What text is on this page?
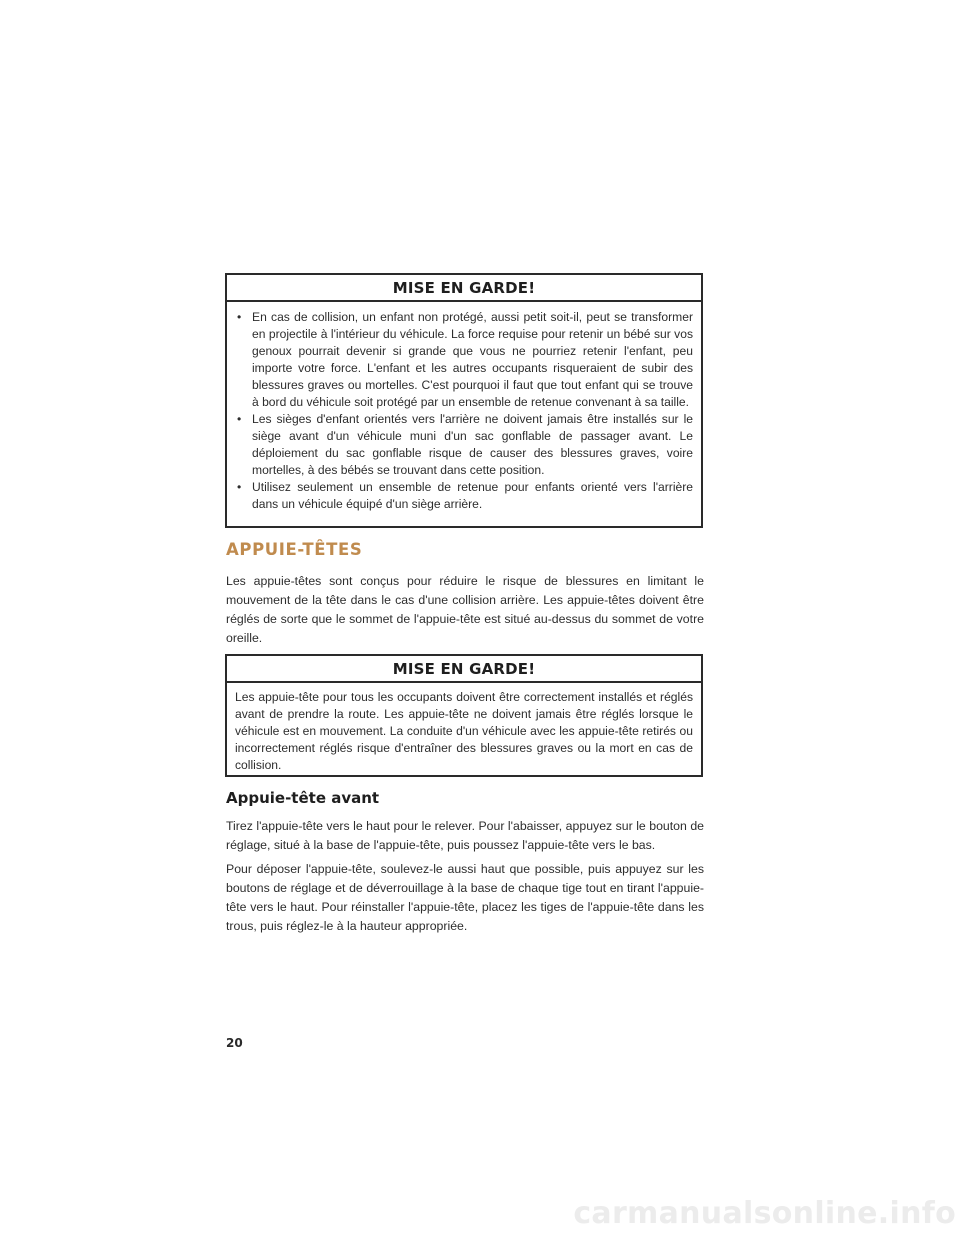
MISE EN GARDE!
• En cas de collision, un enfant non protégé, aussi petit soit-il, peut se transformer en projectile à l'intérieur du véhicule. La force requise pour retenir un bébé sur vos genoux pourrait devenir si grande que vous ne pourriez retenir l'enfant, peu importe votre force. L'enfant et les autres occupants risqueraient de subir des blessures graves ou mortelles. C'est pourquoi il faut que tout enfant qui se trouve à bord du véhicule soit protégé par un ensemble de retenue convenant à sa taille.
• Les sièges d'enfant orientés vers l'arrière ne doivent jamais être installés sur le siège avant d'un véhicule muni d'un sac gonflable de passager avant. Le déploiement du sac gonflable risque de causer des blessures graves, voire mortelles, à des bébés se trouvant dans cette position.
• Utilisez seulement un ensemble de retenue pour enfants orienté vers l'arrière dans un véhicule équipé d'un siège arrière.
APPUIE-TÊTES

Les appuie-têtes sont conçus pour réduire le risque de blessures en limitant le mouvement de la tête dans le cas d'une collision arrière. Les appuie-têtes doivent être réglés de sorte que le sommet de l'appuie-tête est situé au-dessus du sommet de votre oreille.

MISE EN GARDE!
Les appuie-tête pour tous les occupants doivent être correctement installés et réglés avant de prendre la route. Les appuie-tête ne doivent jamais être réglés lorsque le véhicule est en mouvement. La conduite d'un véhicule avec les appuie-tête retirés ou incorrectement réglés risque d'entraîner des blessures graves ou la mort en cas de collision.
Appuie-tête avant

Tirez l'appuie-tête vers le haut pour le relever. Pour l'abaisser, appuyez sur le bouton de réglage, situé à la base de l'appuie-tête, puis poussez l'appuie-tête vers le bas.

Pour déposer l'appuie-tête, soulevez-le aussi haut que possible, puis appuyez sur les boutons de réglage et de déverrouillage à la base de chaque tige tout en tirant l'appuie-tête vers le haut. Pour réinstaller l'appuie-tête, placez les tiges de l'appuie-tête dans les trous, puis réglez-le à la hauteur appropriée.

20
carmanualsonline.info
